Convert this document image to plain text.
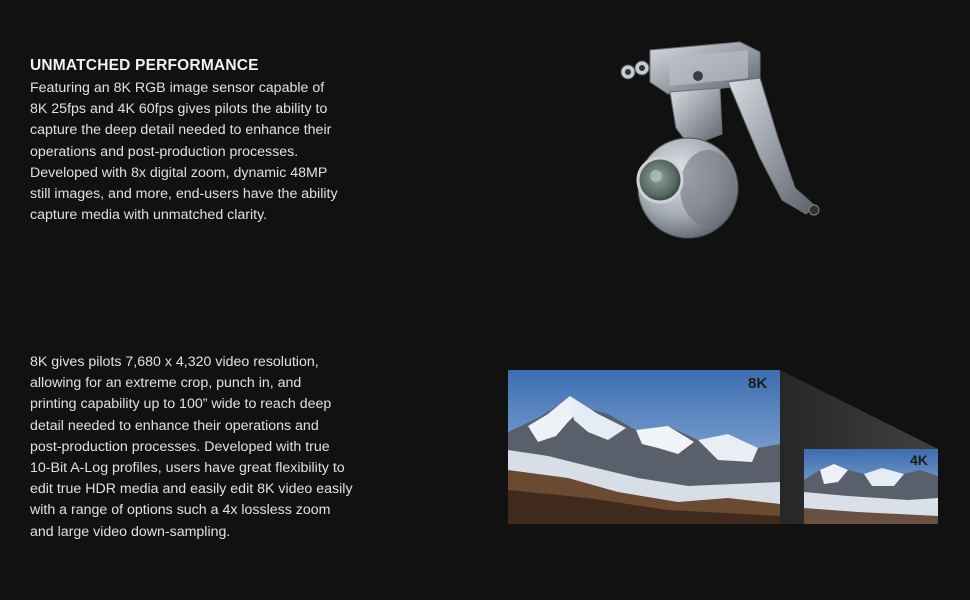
UNMATCHED PERFORMANCE

Featuring an 8K RGB image sensor capable of
8K 25fps and 4K 60fps gives pilots the ability to
capture the deep detail needed to enhance their
operations and post-production processes.
Developed with 8x digital zoom, dynamic 48MP
still images, and more, end-users have the ability
capture media with unmatched clarity.

8K gives pilots 7,680 x 4,320 video resolution,
allowing for an extreme crop, punch in, and
printing capability up to 100” wide to reach deep
detail needed to enhance their operations and
post-production processes. Developed with true
10-Bit A-Log profiles, users have great flexibility to
edit true HDR media and easily edit 8K video easily
with a range of options such a 4x lossless zoom
and large video down-sampling.

8K
4K
